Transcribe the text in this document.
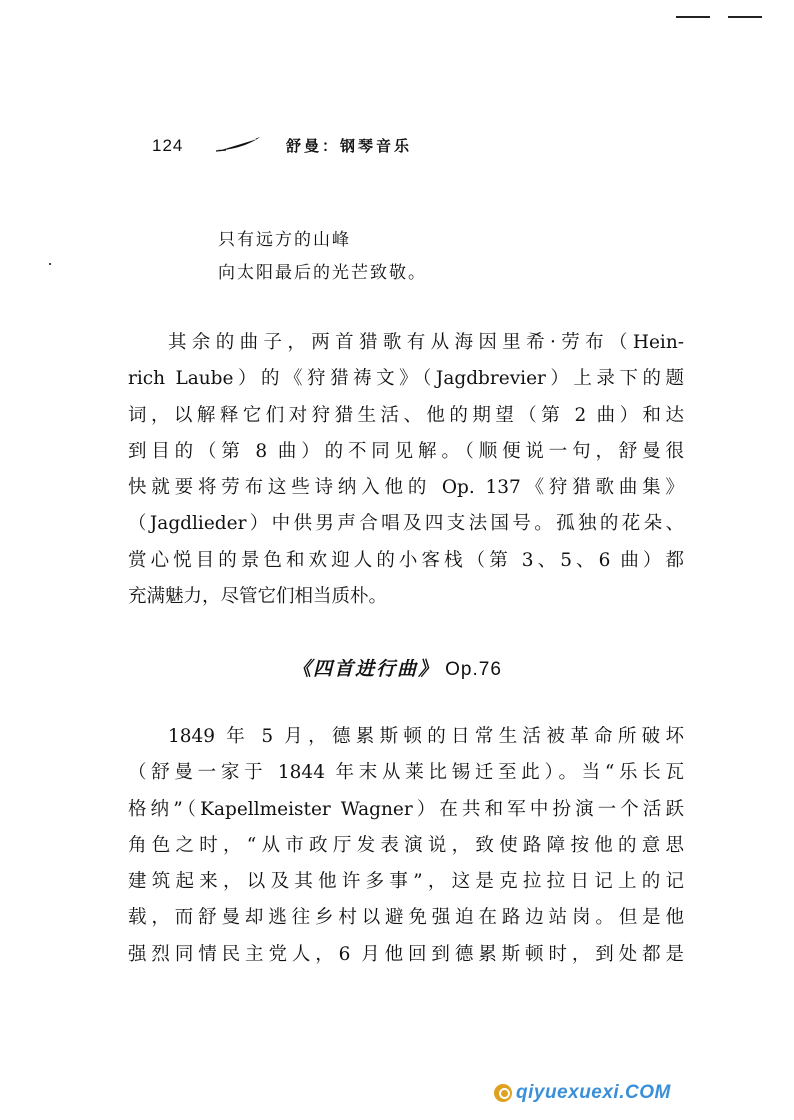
124	舒曼：钢琴音乐
只有远方的山峰
向太阳最后的光芒致敬。
其余的曲子，两首猎歌有从海因里希·劳布（Hein-
rich Laube）的《狩猎祷文》（Jagdbrevier）上录下的题
词，以解释它们对狩猎生活、他的期望（第 2 曲）和达
到目的（第 8 曲）的不同见解。（顺便说一句，舒曼很
快就要将劳布这些诗纳入他的 Op. 137《狩猎歌曲集》
（Jagdlieder）中供男声合唱及四支法国号。孤独的花朵、
赏心悦目的景色和欢迎人的小客栈（第 3、5、6 曲）都
充满魅力，尽管它们相当质朴。
《四首进行曲》 Op.76
1849 年 5 月，德累斯顿的日常生活被革命所破坏
（舒曼一家于 1844 年末从莱比锡迁至此）。当“乐长瓦
格纳”（Kapellmeister Wagner）在共和军中扮演一个活跃
角色之时，“从市政厅发表演说，致使路障按他的意思
建筑起来，以及其他许多事”，这是克拉拉日记上的记
载，而舒曼却逃往乡村以避免强迫在路边站岗。但是他
强烈同情民主党人，6 月他回到德累斯顿时，到处都是
qiyuexuexi.COM
